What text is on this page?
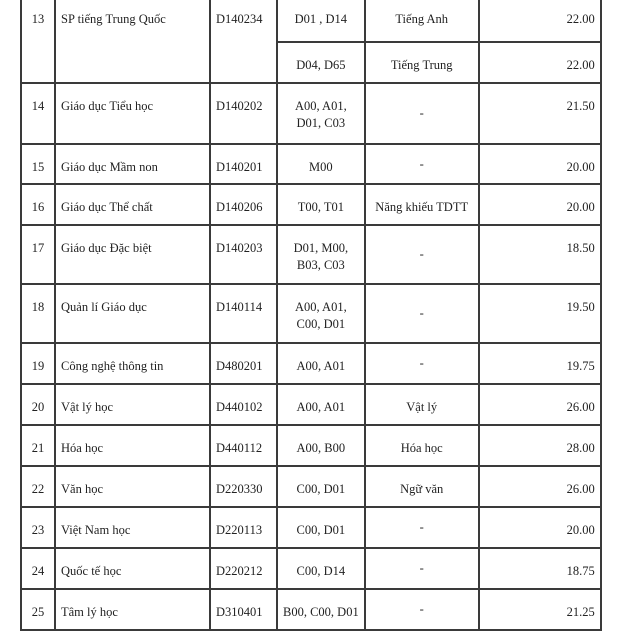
13	SP tiếng Trung Quốc	D140234	D01 , D14	Tiếng Anh	22.00
			D04, D65	Tiếng Trung	22.00
14	Giáo dục Tiểu học	D140202	A00, A01, D01, C03	-	21.50
15	Giáo dục Mầm non	D140201	M00	-	20.00
16	Giáo dục Thể chất	D140206	T00, T01	Năng khiếu TDTT	20.00
17	Giáo dục Đặc biệt	D140203	D01, M00, B03, C03	-	18.50
18	Quản lí Giáo dục	D140114	A00, A01, C00, D01	-	19.50
19	Công nghệ thông tin	D480201	A00, A01	-	19.75
20	Vật lý học	D440102	A00, A01	Vật lý	26.00
21	Hóa học	D440112	A00, B00	Hóa học	28.00
22	Văn học	D220330	C00, D01	Ngữ văn	26.00
23	Việt Nam học	D220113	C00, D01	-	20.00
24	Quốc tế học	D220212	C00, D14	-	18.75
25	Tâm lý học	D310401	B00, C00, D01	-	21.25
